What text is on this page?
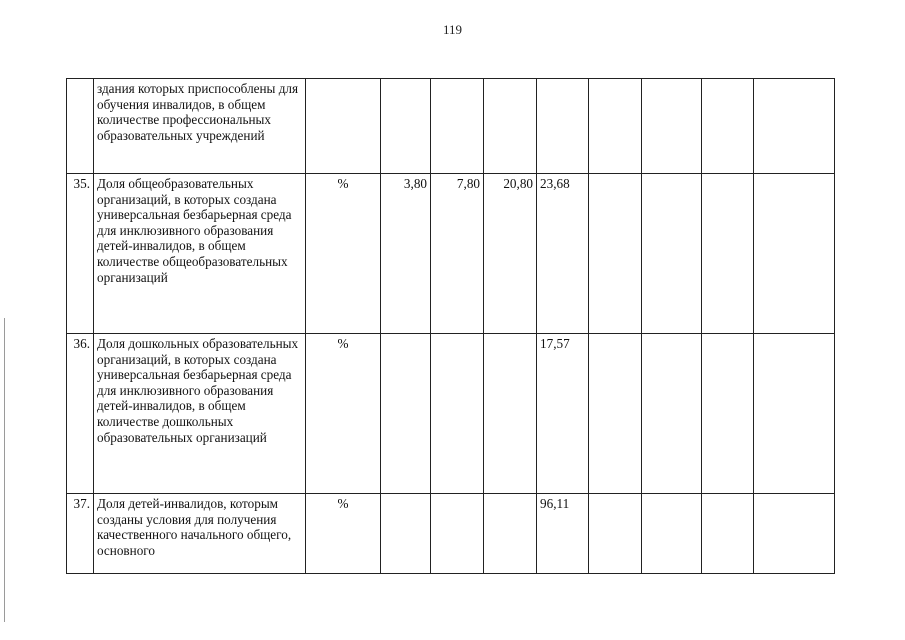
119
	здания которых приспособлены для обучения инвалидов, в общем количестве профессиональных образовательных учреждений									
35.	Доля общеобразовательных организаций, в которых создана универсальная безбарьерная среда для инклюзивного образования детей-инвалидов, в общем количестве общеобразовательных организаций	%	3,80	7,80	20,80	23,68				
36.	Доля дошкольных образовательных организаций, в которых создана универсальная безбарьерная среда для инклюзивного образования детей-инвалидов, в общем количестве дошкольных образовательных организаций	%				17,57				
37.	Доля детей-инвалидов, которым созданы условия для получения качественного начального общего, основного	%				96,11				
